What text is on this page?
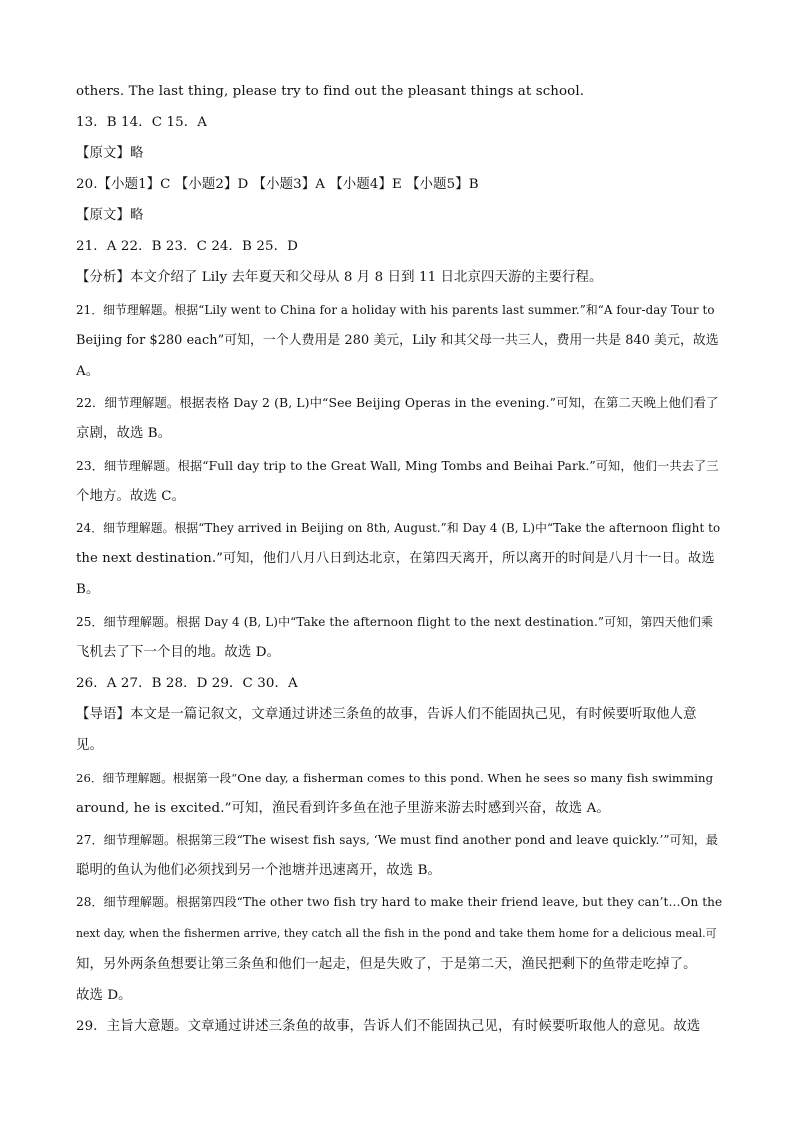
others. The last thing, please try to find out the pleasant things at school.
13．B 14．C 15．A
【原文】略
20.【小题1】C 【小题2】D 【小题3】A 【小题4】E 【小题5】B
【原文】略
21．A 22．B 23．C 24．B 25．D
【分析】本文介绍了 Lily 去年夏天和父母从 8 月 8 日到 11 日北京四天游的主要行程。
21．细节理解题。根据“Lily went to China for a holiday with his parents last summer.”和“A four-day Tour to
Beijing for $280 each”可知，一个人费用是 280 美元，Lily 和其父母一共三人，费用一共是 840 美元，故选
A。
22．细节理解题。根据表格 Day 2 (B, L)中“See Beijing Operas in the evening.”可知，在第二天晚上他们看了
京剧，故选 B。
23．细节理解题。根据“Full day trip to the Great Wall, Ming Tombs and Beihai Park.”可知，他们一共去了三
个地方。故选 C。
24．细节理解题。根据“They arrived in Beijing on 8th, August.”和 Day 4 (B, L)中“Take the afternoon flight to
the next destination.”可知，他们八月八日到达北京，在第四天离开，所以离开的时间是八月十一日。故选
B。
25．细节理解题。根据 Day 4 (B, L)中“Take the afternoon flight to the next destination.”可知，第四天他们乘
飞机去了下一个目的地。故选 D。
26．A 27．B 28．D 29．C 30．A
【导语】本文是一篇记叙文，文章通过讲述三条鱼的故事，告诉人们不能固执己见，有时候要听取他人意
见。
26．细节理解题。根据第一段“One day, a fisherman comes to this pond. When he sees so many fish swimming
around, he is excited.”可知，渔民看到许多鱼在池子里游来游去时感到兴奋，故选 A。
27．细节理解题。根据第三段“The wisest fish says, ‘We must find another pond and leave quickly.’”可知，最
聪明的鱼认为他们必须找到另一个池塘并迅速离开，故选 B。
28．细节理解题。根据第四段“The other two fish try hard to make their friend leave, but they can’t…On the
next day, when the fishermen arrive, they catch all the fish in the pond and take them home for a delicious meal.可
知，另外两条鱼想要让第三条鱼和他们一起走，但是失败了，于是第二天，渔民把剩下的鱼带走吃掉了。
故选 D。
29．主旨大意题。文章通过讲述三条鱼的故事，告诉人们不能固执己见，有时候要听取他人的意见。故选
